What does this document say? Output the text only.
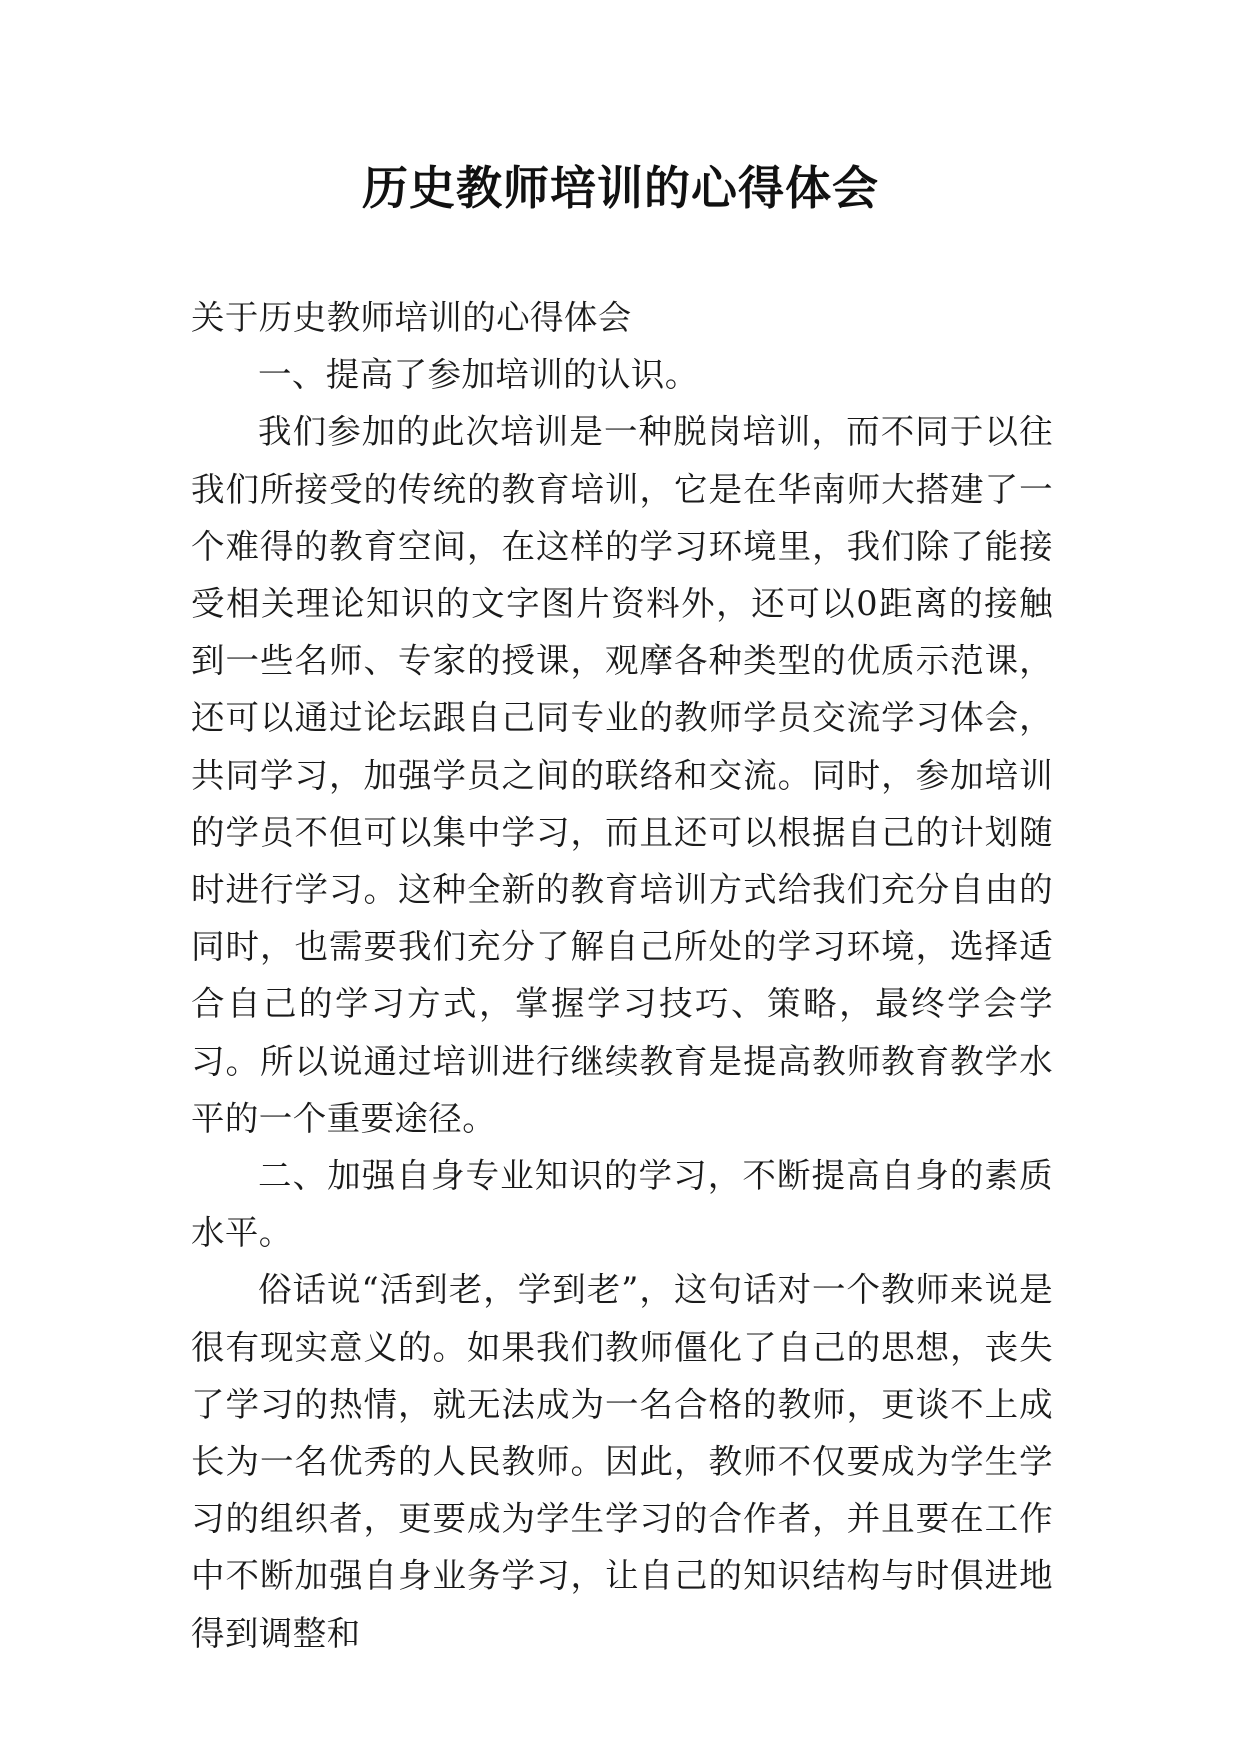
历史教师培训的心得体会

关于历史教师培训的心得体会

一、提高了参加培训的认识。

我们参加的此次培训是一种脱岗培训，而不同于以往我们所接受的传统的教育培训，它是在华南师大搭建了一个难得的教育空间，在这样的学习环境里，我们除了能接受相关理论知识的文字图片资料外，还可以0距离的接触到一些名师、专家的授课，观摩各种类型的优质示范课，还可以通过论坛跟自己同专业的教师学员交流学习体会，共同学习，加强学员之间的联络和交流。同时，参加培训的学员不但可以集中学习，而且还可以根据自己的计划随时进行学习。这种全新的教育培训方式给我们充分自由的同时，也需要我们充分了解自己所处的学习环境，选择适合自己的学习方式，掌握学习技巧、策略，最终学会学习。所以说通过培训进行继续教育是提高教师教育教学水平的一个重要途径。

二、加强自身专业知识的学习，不断提高自身的素质水平。

俗话说“活到老，学到老”，这句话对一个教师来说是很有现实意义的。如果我们教师僵化了自己的思想，丧失了学习的热情，就无法成为一名合格的教师，更谈不上成长为一名优秀的人民教师。因此，教师不仅要成为学生学习的组织者，更要成为学生学习的合作者，并且要在工作中不断加强自身业务学习，让自己的知识结构与时俱进地得到调整和
